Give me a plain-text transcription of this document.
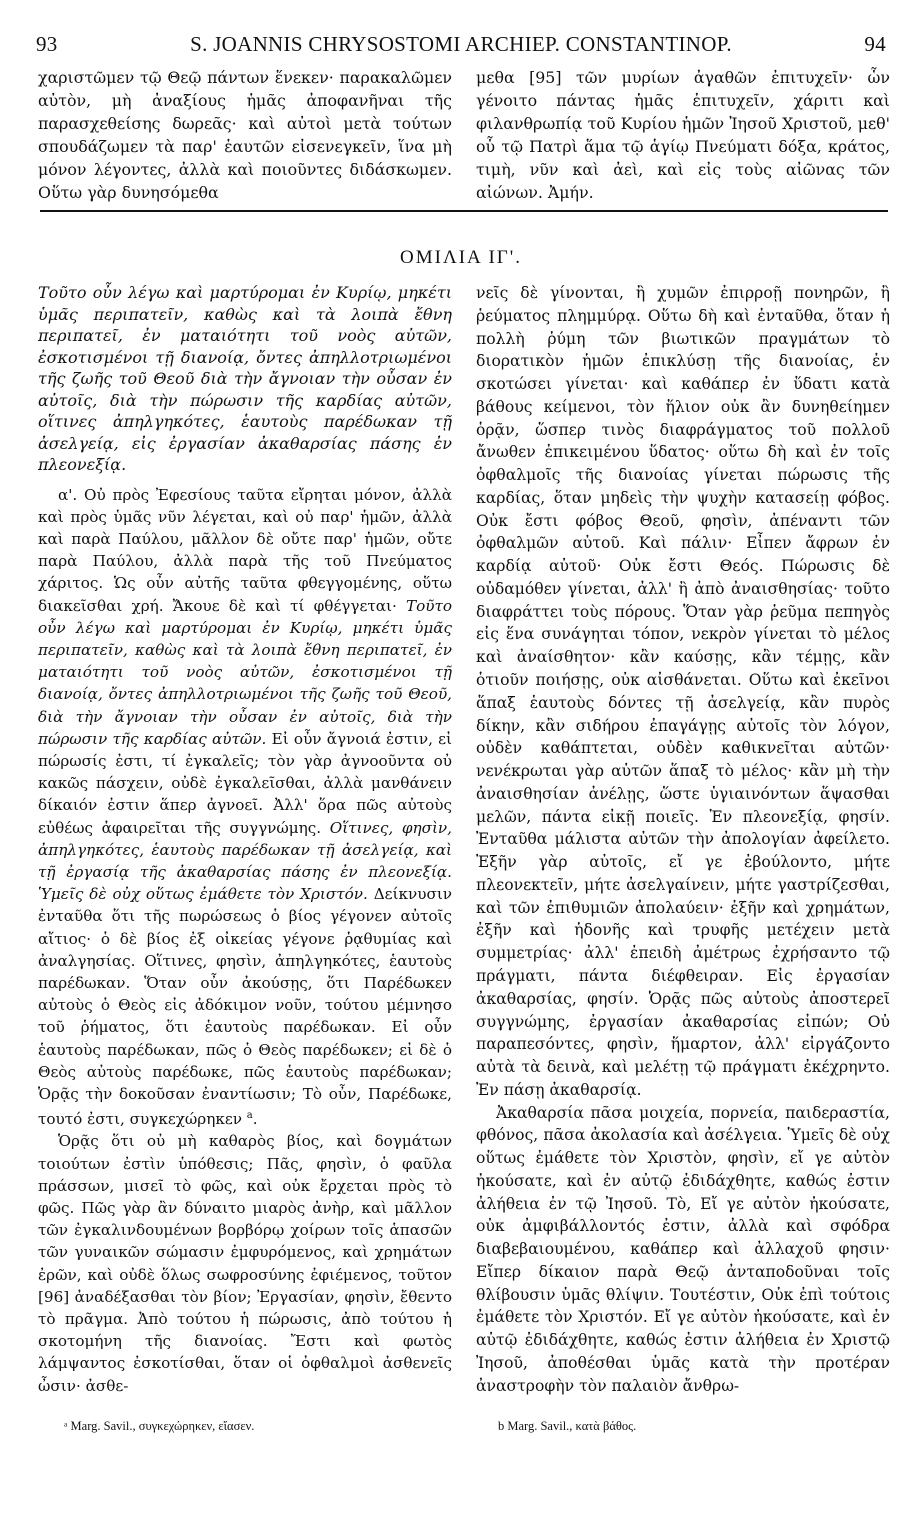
93	S. JOANNIS CHRYSOSTOMI ARCHIEP. CONSTANTINOP.	94

χαριστῶμεν τῷ Θεῷ πάντων ἕνεκεν· παρακαλῶμεν αὐτὸν, μὴ ἀναξίους ἡμᾶς ἀποφανῆναι τῆς παρασχεθείσης δωρεᾶς· καὶ αὐτοὶ μετὰ τούτων σπουδάζωμεν τὰ παρ' ἑαυτῶν εἰσενεγκεῖν, ἵνα μὴ μόνον λέγοντες, ἀλλὰ καὶ ποιοῦντες διδάσκωμεν. Οὕτω γὰρ δυνησόμεθα

μεθα [95] τῶν μυρίων ἀγαθῶν ἐπιτυχεῖν· ὧν γένοιτο πάντας ἡμᾶς ἐπιτυχεῖν, χάριτι καὶ φιλανθρωπίᾳ τοῦ Κυρίου ἡμῶν Ἰησοῦ Χριστοῦ, μεθ' οὗ τῷ Πατρὶ ἅμα τῷ ἁγίῳ Πνεύματι δόξα, κράτος, τιμὴ, νῦν καὶ ἀεὶ, καὶ εἰς τοὺς αἰῶνας τῶν αἰώνων. Ἀμήν.

ΟΜΙΛΙΑ ΙΓ'.

Τοῦτο οὖν λέγω καὶ μαρτύρομαι ἐν Κυρίῳ, μηκέτι ὑμᾶς περιπατεῖν, καθὼς καὶ τὰ λοιπὰ ἔθνη περιπατεῖ, ἐν ματαιότητι τοῦ νοὸς αὐτῶν, ἐσκοτισμένοι τῇ διανοίᾳ, ὄντες ἀπηλλοτριωμένοι τῆς ζωῆς τοῦ Θεοῦ διὰ τὴν ἄγνοιαν τὴν οὖσαν ἐν αὐτοῖς, διὰ τὴν πώρωσιν τῆς καρδίας αὐτῶν, οἵτινες ἀπηλγηκότες, ἑαυτοὺς παρέδωκαν τῇ ἀσελγείᾳ, εἰς ἐργασίαν ἀκαθαρσίας πάσης ἐν πλεονεξίᾳ.

α'. Οὐ πρὸς Ἐφεσίους ταῦτα εἴρηται μόνον, ἀλλὰ καὶ πρὸς ὑμᾶς νῦν λέγεται, καὶ οὐ παρ' ἡμῶν, ἀλλὰ καὶ παρὰ Παύλου, μᾶλλον δὲ οὔτε παρ' ἡμῶν, οὔτε παρὰ Παύλου, ἀλλὰ παρὰ τῆς τοῦ Πνεύματος χάριτος. Ὡς οὖν αὐτῆς ταῦτα φθεγγομένης, οὕτω διακεῖσθαι χρή. Ἄκουε δὲ καὶ τί φθέγγεται· Τοῦτο οὖν λέγω καὶ μαρτύρομαι ἐν Κυρίῳ, μηκέτι ὑμᾶς περιπατεῖν, καθὼς καὶ τὰ λοιπὰ ἔθνη περιπατεῖ, ἐν ματαιότητι τοῦ νοὸς αὐτῶν, ἐσκοτισμένοι τῇ διανοίᾳ, ὄντες ἀπηλλοτριωμένοι τῆς ζωῆς τοῦ Θεοῦ, διὰ τὴν ἄγνοιαν τὴν οὖσαν ἐν αὐτοῖς, διὰ τὴν πώρωσιν τῆς καρδίας αὐτῶν. Εἰ οὖν ἄγνοιά ἐστιν, εἰ πώρωσίς ἐστι, τί ἐγκαλεῖς; τὸν γὰρ ἀγνοοῦντα οὐ κακῶς πάσχειν, οὐδὲ ἐγκαλεῖσθαι, ἀλλὰ μανθάνειν δίκαιόν ἐστιν ἅπερ ἀγνοεῖ. Ἀλλ' ὅρα πῶς αὐτοὺς εὐθέως ἀφαιρεῖται τῆς συγγνώμης. Οἵτινες, φησὶν, ἀπηλγηκότες, ἑαυτοὺς παρέδωκαν τῇ ἀσελγείᾳ, καὶ τῇ ἐργασίᾳ τῆς ἀκαθαρσίας πάσης ἐν πλεονεξίᾳ. Ὑμεῖς δὲ οὐχ οὕτως ἐμάθετε τὸν Χριστόν. Δείκνυσιν ἐνταῦθα ὅτι τῆς πωρώσεως ὁ βίος γέγονεν αὐτοῖς αἴτιος· ὁ δὲ βίος ἐξ οἰκείας γέγονε ῥᾳθυμίας καὶ ἀναλγησίας. Οἵτινες, φησὶν, ἀπηλγηκότες, ἑαυτοὺς παρέδωκαν. Ὅταν οὖν ἀκούσῃς, ὅτι Παρέδωκεν αὐτοὺς ὁ Θεὸς εἰς ἀδόκιμον νοῦν, τούτου μέμνησο τοῦ ῥήματος, ὅτι ἑαυτοὺς παρέδωκαν. Εἰ οὖν ἑαυτοὺς παρέδωκαν, πῶς ὁ Θεὸς παρέδωκεν; εἰ δὲ ὁ Θεὸς αὐτοὺς παρέδωκε, πῶς ἑαυτοὺς παρέδωκαν; Ὁρᾷς τὴν δοκοῦσαν ἐναντίωσιν; Τὸ οὖν, Παρέδωκε, τουτό ἐστι, συγκεχώρηκεν $^a$.

Ὁρᾷς ὅτι οὐ μὴ καθαρὸς βίος, καὶ δογμάτων τοιούτων ἐστὶν ὑπόθεσις; Πᾶς, φησὶν, ὁ φαῦλα πράσσων, μισεῖ τὸ φῶς, καὶ οὐκ ἔρχεται πρὸς τὸ φῶς. Πῶς γὰρ ἂν δύναιτο μιαρὸς ἀνὴρ, καὶ μᾶλλον τῶν ἐγκαλινδουμένων βορβόρῳ χοίρων τοῖς ἁπασῶν τῶν γυναικῶν σώμασιν ἐμφυρόμενος, καὶ χρημάτων ἐρῶν, καὶ οὐδὲ ὅλως σωφροσύνης ἐφιέμενος, τοῦτον [96] ἀναδέξασθαι τὸν βίον; Ἐργασίαν, φησὶν, ἔθεντο τὸ πρᾶγμα. Ἀπὸ τούτου ἡ πώρωσις, ἀπὸ τούτου ἡ σκοτομήνη τῆς διανοίας. Ἔστι καὶ φωτὸς λάμψαντος ἐσκοτίσθαι, ὅταν οἱ ὀφθαλμοὶ ἀσθενεῖς ὦσιν· ἀσθε-

νεῖς δὲ γίνονται, ἢ χυμῶν ἐπιρροῇ πονηρῶν, ἢ ῥεύματος πλημμύρᾳ. Οὕτω δὴ καὶ ἐνταῦθα, ὅταν ἡ πολλὴ ῥύμη τῶν βιωτικῶν πραγμάτων τὸ διορατικὸν ἡμῶν ἐπικλύσῃ τῆς διανοίας, ἐν σκοτώσει γίνεται· καὶ καθάπερ ἐν ὕδατι κατὰ βάθους κείμενοι, τὸν ἥλιον οὐκ ἂν δυνηθείημεν ὁρᾷν, ὥσπερ τινὸς διαφράγματος τοῦ πολλοῦ ἄνωθεν ἐπικειμένου ὕδατος· οὕτω δὴ καὶ ἐν τοῖς ὀφθαλμοῖς τῆς διανοίας γίνεται πώρωσις τῆς καρδίας, ὅταν μηδεὶς τὴν ψυχὴν κατασείῃ φόβος. Οὐκ ἔστι φόβος Θεοῦ, φησὶν, ἀπέναντι τῶν ὀφθαλμῶν αὐτοῦ. Καὶ πάλιν· Εἶπεν ἄφρων ἐν καρδίᾳ αὐτοῦ· Οὐκ ἔστι Θεός. Πώρωσις δὲ οὐδαμόθεν γίνεται, ἀλλ' ἢ ἀπὸ ἀναισθησίας· τοῦτο διαφράττει τοὺς πόρους. Ὅταν γὰρ ῥεῦμα πεπηγὸς εἰς ἕνα συνάγηται τόπον, νεκρὸν γίνεται τὸ μέλος καὶ ἀναίσθητον· κἂν καύσῃς, κἂν τέμῃς, κἂν ὁτιοῦν ποιήσῃς, οὐκ αἰσθάνεται. Οὕτω καὶ ἐκεῖνοι ἅπαξ ἑαυτοὺς δόντες τῇ ἀσελγείᾳ, κἂν πυρὸς δίκην, κἂν σιδήρου ἐπαγάγῃς αὐτοῖς τὸν λόγον, οὐδὲν καθάπτεται, οὐδὲν καθικνεῖται αὐτῶν· νενέκρωται γὰρ αὐτῶν ἅπαξ τὸ μέλος· κἂν μὴ τὴν ἀναισθησίαν ἀνέλῃς, ὥστε ὑγιαινόντων ἅψασθαι μελῶν, πάντα εἰκῇ ποιεῖς. Ἐν πλεονεξίᾳ, φησίν. Ἐνταῦθα μάλιστα αὐτῶν τὴν ἀπολογίαν ἀφείλετο. Ἐξῆν γὰρ αὐτοῖς, εἴ γε ἐβούλοντο, μήτε πλεονεκτεῖν, μήτε ἀσελγαίνειν, μήτε γαστρίζεσθαι, καὶ τῶν ἐπιθυμιῶν ἀπολαύειν· ἐξῆν καὶ χρημάτων, ἐξῆν καὶ ἡδονῆς καὶ τρυφῆς μετέχειν μετὰ συμμετρίας· ἀλλ' ἐπειδὴ ἀμέτρως ἐχρήσαντο τῷ πράγματι, πάντα διέφθειραν. Εἰς ἐργασίαν ἀκαθαρσίας, φησίν. Ὁρᾷς πῶς αὐτοὺς ἀποστερεῖ συγγνώμης, ἐργασίαν ἀκαθαρσίας εἰπών; Οὐ παραπεσόντες, φησὶν, ἥμαρτον, ἀλλ' εἰργάζοντο αὐτὰ τὰ δεινὰ, καὶ μελέτῃ τῷ πράγματι ἐκέχρηντο. Ἐν πάσῃ ἀκαθαρσίᾳ.

Ἀκαθαρσία πᾶσα μοιχεία, πορνεία, παιδεραστία, φθόνος, πᾶσα ἀκολασία καὶ ἀσέλγεια. Ὑμεῖς δὲ οὐχ οὕτως ἐμάθετε τὸν Χριστὸν, φησὶν, εἴ γε αὐτὸν ἠκούσατε, καὶ ἐν αὐτῷ ἐδιδάχθητε, καθώς ἐστιν ἀλήθεια ἐν τῷ Ἰησοῦ. Τὸ, Εἴ γε αὐτὸν ἠκούσατε, οὐκ ἀμφιβάλλοντός ἐστιν, ἀλλὰ καὶ σφόδρα διαβεβαιουμένου, καθάπερ καὶ ἀλλαχοῦ φησιν· Εἴπερ δίκαιον παρὰ Θεῷ ἀνταποδοῦναι τοῖς θλίβουσιν ὑμᾶς θλίψιν. Τουτέστιν, Οὐκ ἐπὶ τούτοις ἐμάθετε τὸν Χριστόν. Εἴ γε αὐτὸν ἠκούσατε, καὶ ἐν αὐτῷ ἐδιδάχθητε, καθώς ἐστιν ἀλήθεια ἐν Χριστῷ Ἰησοῦ, ἀποθέσθαι ὑμᾶς κατὰ τὴν προτέραν ἀναστροφὴν τὸν παλαιὸν ἄνθρω-

ᵃ Marg. Savil., συγκεχώρηκεν, εἴασεν.	b Marg. Savil., κατὰ βάθος.
